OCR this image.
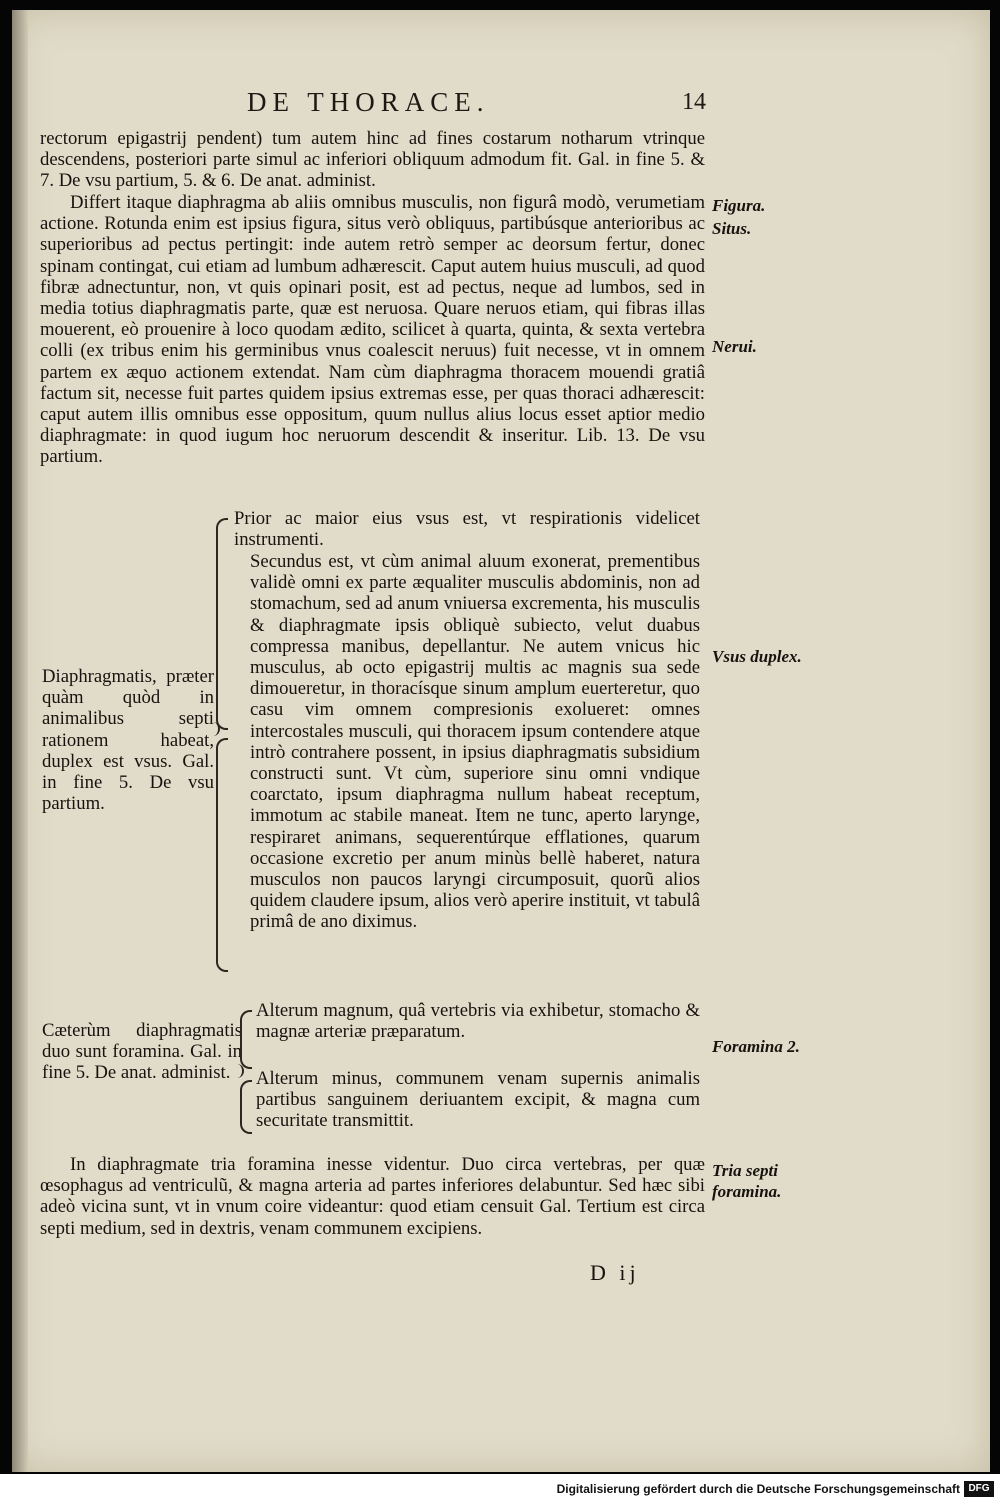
DE THORACE.	14

rectorum epigastrij pendent) tum autem hinc ad fines costarum notharum vtrinque descendens, posteriori parte simul ac inferiori obliquum admodum fit. Gal. in fine 5. & 7. De vsu partium, 5. & 6. De anat. administ.

Differt itaque diaphragma ab aliis omnibus musculis, non figurâ modò, verumetiam actione. Rotunda enim est ipsius figura, situs verò obliquus, partibúsque anterioribus ac superioribus ad pectus pertingit: inde autem retrò semper ac deorsum fertur, donec spinam contingat, cui etiam ad lumbum adhærescit. Caput autem huius musculi, ad quod fibræ adnectuntur, non, vt quis opinari posit, est ad pectus, neque ad lumbos, sed in media totius diaphragmatis parte, quæ est neruosa. Quare neruos etiam, qui fibras illas mouerent, eò prouenire à loco quodam ædito, scilicet à quarta, quinta, & sexta vertebra colli (ex tribus enim his germinibus vnus coalescit neruus) fuit necesse, vt in omnem partem ex æquo actionem extendat. Nam cùm diaphragma thoracem mouendi gratiâ factum sit, necesse fuit partes quidem ipsius extremas esse, per quas thoraci adhærescit: caput autem illis omnibus esse oppositum, quum nullus alius locus esset aptior medio diaphragmate: in quod iugum hoc neruorum descendit & inseritur. Lib. 13. De vsu partium.

Figura.
Situs.
Nerui.
Diaphragmatis, præter quàm quòd in animalibus septi rationem habeat, duplex est vsus. Gal. in fine 5. De vsu partium.
Prior ac maior eius vsus est, vt respirationis videlicet instrumenti.
Secundus est, vt cùm animal aluum exonerat, prementibus validè omni ex parte æqualiter musculis abdominis, non ad stomachum, sed ad anum vniuersa excrementa, his musculis & diaphragmate ipsis obliquè subiecto, velut duabus compressa manibus, depellantur. Ne autem vnicus hic musculus, ab octo epigastrij multis ac magnis sua sede dimoueretur, in thoracísque sinum amplum euerteretur, quo casu vim omnem compresionis exolueret: omnes intercostales musculi, qui thoracem ipsum contendere atque intrò contrahere possent, in ipsius diaphragmatis subsidium constructi sunt. Vt cùm, superiore sinu omni vndique coarctato, ipsum diaphragma nullum habeat receptum, immotum ac stabile maneat. Item ne tunc, aperto larynge, respiraret animans, sequerentúrque efflationes, quarum occasione excretio per anum minùs bellè haberet, natura musculos non paucos laryngi circumposuit, quorũ alios quidem claudere ipsum, alios verò aperire instituit, vt tabulâ primâ de ano diximus.
Vsus duplex.
Cæterùm diaphragmatis duo sunt foramina. Gal. in fine 5. De anat. administ.
Alterum magnum, quâ vertebris via exhibetur, stomacho & magnæ arteriæ præparatum.
Alterum minus, communem venam supernis animalis partibus sanguinem deriuantem excipit, & magna cum securitate transmittit.
Foramina 2.

In diaphragmate tria foramina inesse videntur. Duo circa vertebras, per quæ œsophagus ad ventriculũ, & magna arteria ad partes inferiores delabuntur. Sed hæc sibi adeò vicina sunt, vt in vnum coire videantur: quod etiam censuit Gal. Tertium est circa septi medium, sed in dextris, venam communem excipiens.

Tria septi foramina.
D ij
Digitalisierung gefördert durch die Deutsche Forschungsgemeinschaft DFG
